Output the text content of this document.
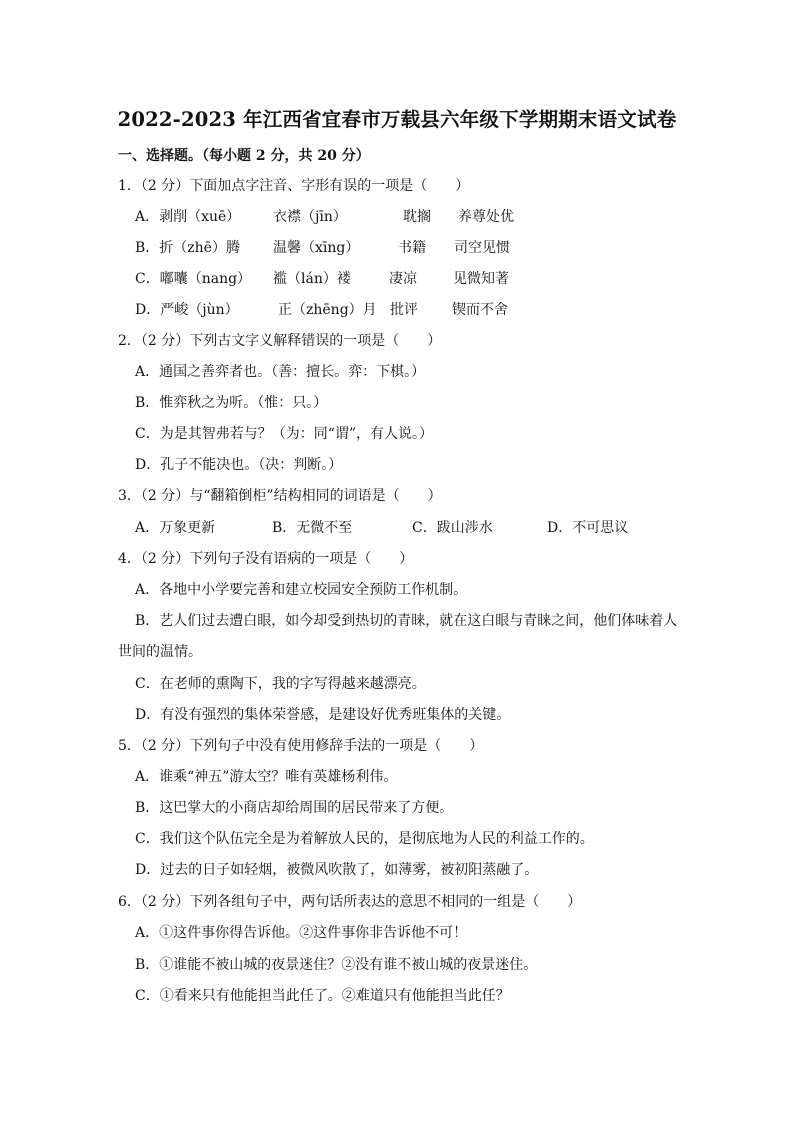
2022-2023 年江西省宜春市万载县六年级下学期期末语文试卷
一、选择题。（每小题 2 分，共 20 分）
1．（2 分）下面加点字注音、字形有误的一项是（　　）
A．剥削（xuē） 衣襟（jīn）	耽搁 养尊处优
B．折（zhē）腾 温馨（xīng）	书籍 司空见惯
C．嘟囔（nang） 褴（lán）褛	凄凉	见微知著
D．严峻（jùn）	正（zhēng）月 批评 锲而不舍
2．（2 分）下列古文字义解释错误的一项是（　　）
A．通国之善弈者也。（善：擅长。弈：下棋。）
B．惟弈秋之为听。（惟：只。）
C．为是其智弗若与？（为：同“谓”，有人说。）
D．孔子不能决也。（决：判断。）
3．（2 分）与“翻箱倒柜”结构相同的词语是（　　）
A．万象更新	B．无微不至	C．跋山涉水	D．不可思议
4．（2 分）下列句子没有语病的一项是（　　）
A．各地中小学要完善和建立校园安全预防工作机制。
B．艺人们过去遭白眼，如今却受到热切的青睐，就在这白眼与青睐之间，他们体味着人
世间的温情。
C．在老师的熏陶下，我的字写得越来越漂亮。
D．有没有强烈的集体荣誉感，是建设好优秀班集体的关键。
5．（2 分）下列句子中没有使用修辞手法的一项是（　　）
A．谁乘“神五”游太空？唯有英雄杨利伟。
B．这巴掌大的小商店却给周围的居民带来了方便。
C．我们这个队伍完全是为着解放人民的，是彻底地为人民的利益工作的。
D．过去的日子如轻烟，被微风吹散了，如薄雾，被初阳蒸融了。
6．（2 分）下列各组句子中，两句话所表达的意思不相同的一组是（　　）
A．①这件事你得告诉他。②这件事你非告诉他不可！
B．①谁能不被山城的夜景迷住？②没有谁不被山城的夜景迷住。
C．①看来只有他能担当此任了。②难道只有他能担当此任？
